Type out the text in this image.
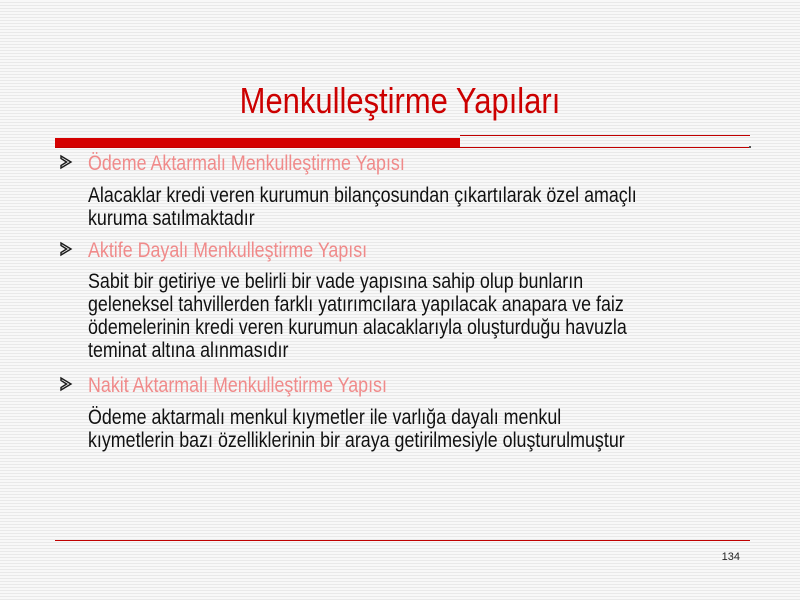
Menkulleştirme Yapıları
Ödeme Aktarmalı Menkulleştirme Yapısı
Alacaklar kredi veren kurumun bilançosundan çıkartılarak özel amaçlı
kuruma satılmaktadır
Aktife Dayalı Menkulleştirme Yapısı
Sabit bir getiriye ve belirli bir vade yapısına sahip olup bunların
geleneksel tahvillerden farklı yatırımcılara yapılacak anapara ve faiz
ödemelerinin kredi veren kurumun alacaklarıyla oluşturduğu havuzla
teminat altına alınmasıdır
Nakit Aktarmalı Menkulleştirme Yapısı
Ödeme aktarmalı menkul kıymetler ile varlığa dayalı menkul
kıymetlerin bazı özelliklerinin bir araya getirilmesiyle oluşturulmuştur
134
